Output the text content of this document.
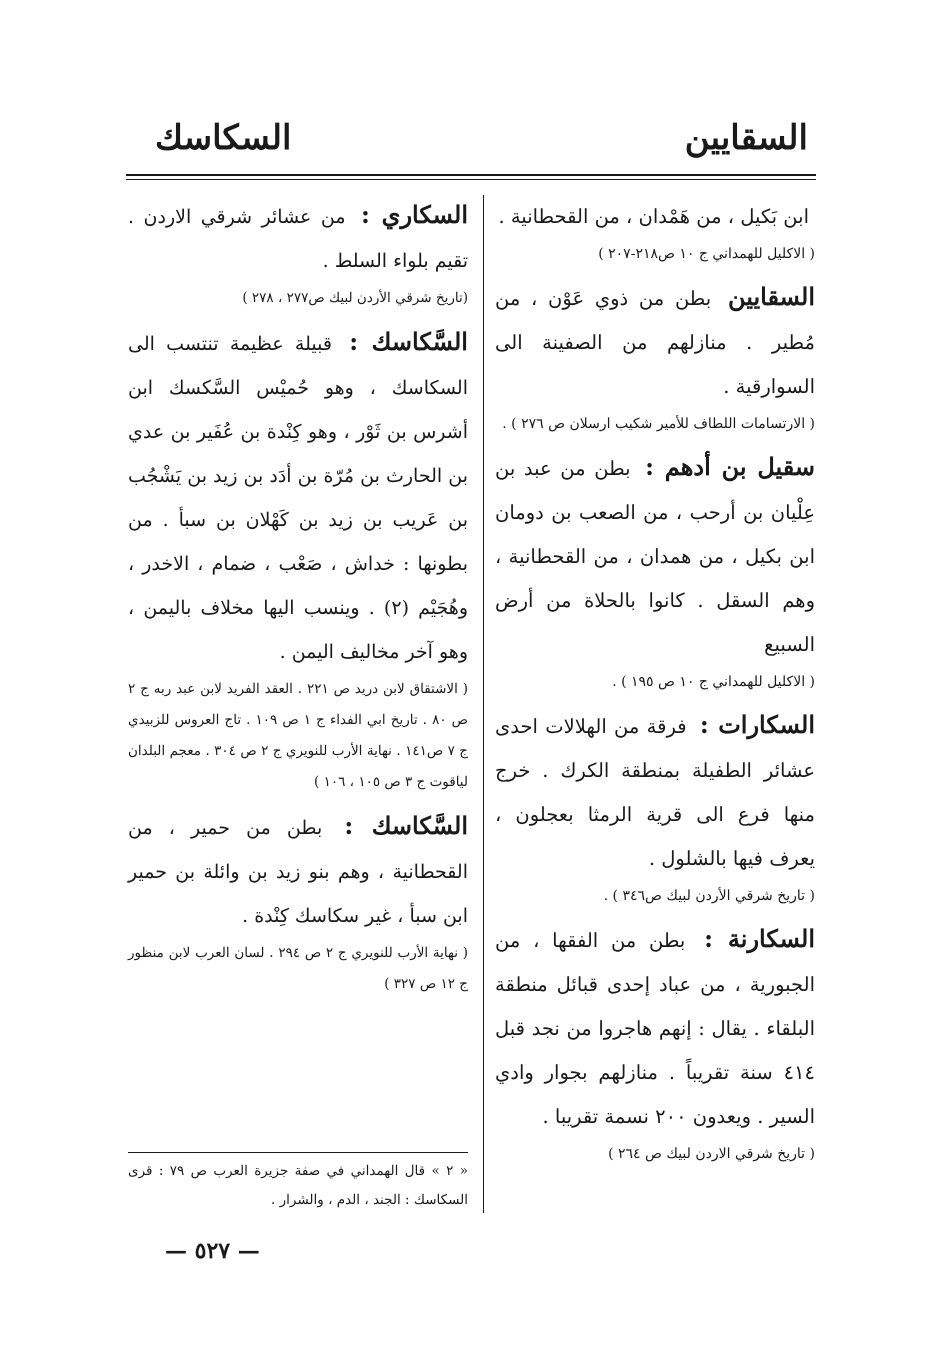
السقايين
السكاسك
ابن بَكيل ، من هَمْدان ، من القحطانية .
( الاكليل للهمداني ج ١٠ ص٢١٨-٢٠٧ )
السقايين بطن من ذوي عَوْن ، من مُطير . منازلهم من الصفينة الى السوارقية .
( الارتسامات اللطاف للأمير شكيب ارسلان ص ٢٧٦ ) .
سقيل بن أدهم : بطن من عبد بن عِلْيان بن أرحب ، من الصعب بن دومان ابن بكيل ، من همدان ، من القحطانية ، وهم السقل . كانوا بالحلاة من أرض السبيع
( الاكليل للهمداني ج ١٠ ص ١٩٥ ) .
السكارات : فرقة من الهلالات احدى عشائر الطفيلة بمنطقة الكرك . خرج منها فرع الى قرية الرمثا بعجلون ، يعرف فيها بالشلول .
( تاريخ شرقي الأردن لبيك ص٣٤٦ ) .
السكارنة : بطن من الفقها ، من الجبورية ، من عباد إحدى قبائل منطقة البلقاء . يقال : إنهم هاجروا من نجد قبل ٤١٤ سنة تقريباً . منازلهم بجوار وادي السير . ويعدون ٢٠٠ نسمة تقريبا .
( تاريخ شرقي الاردن لبيك ص ٢٦٤ )
السكاري : من عشائر شرقي الاردن . تقيم بلواء السلط .
(تاريخ شرقي الأردن لبيك ص٢٧٧ ، ٢٧٨ )
السَّكاسك : قبيلة عظيمة تنتسب الى السكاسك ، وهو حُميْس السَّكسك ابن أشرس بن ثَوْر ، وهو كِنْدة بن عُفَير بن عدي بن الحارث بن مُرّة بن أدَد بن زيد بن يَشْجُب بن عَريب بن زيد بن كَهْلان بن سبأ . من بطونها : خداش ، صَعْب ، ضمام ، الاخدر ، وهُجَيْم (٢) . وينسب اليها مخلاف باليمن ، وهو آخر مخاليف اليمن .
( الاشتقاق لابن دريد ص ٢٢١ . العقد الفريد لابن عبد ربه ج ٢ ص ٨٠ . تاريخ ابي الفداء ج ١ ص ١٠٩ . تاج العروس للزبيدي ج ٧ ص١٤١ . نهاية الأرب للنويري ج ٢ ص ٣٠٤ . معجم البلدان لياقوت ج ٣ ص ١٠٥ ، ١٠٦ )
السَّكاسك : بطن من حمير ، من القحطانية ، وهم بنو زيد بن وائلة بن حمير ابن سبأ ، غير سكاسك كِنْدة .
( نهاية الأرب للنويري ج ٢ ص ٢٩٤ . لسان العرب لابن منظور ج ١٢ ص ٣٢٧ )
« ٢ » قال الهمداني في صفة جزيرة العرب ص ٧٩ : قرى السكاسك : الجند ، الدم ، والشرار .
— ٥٢٧ —
